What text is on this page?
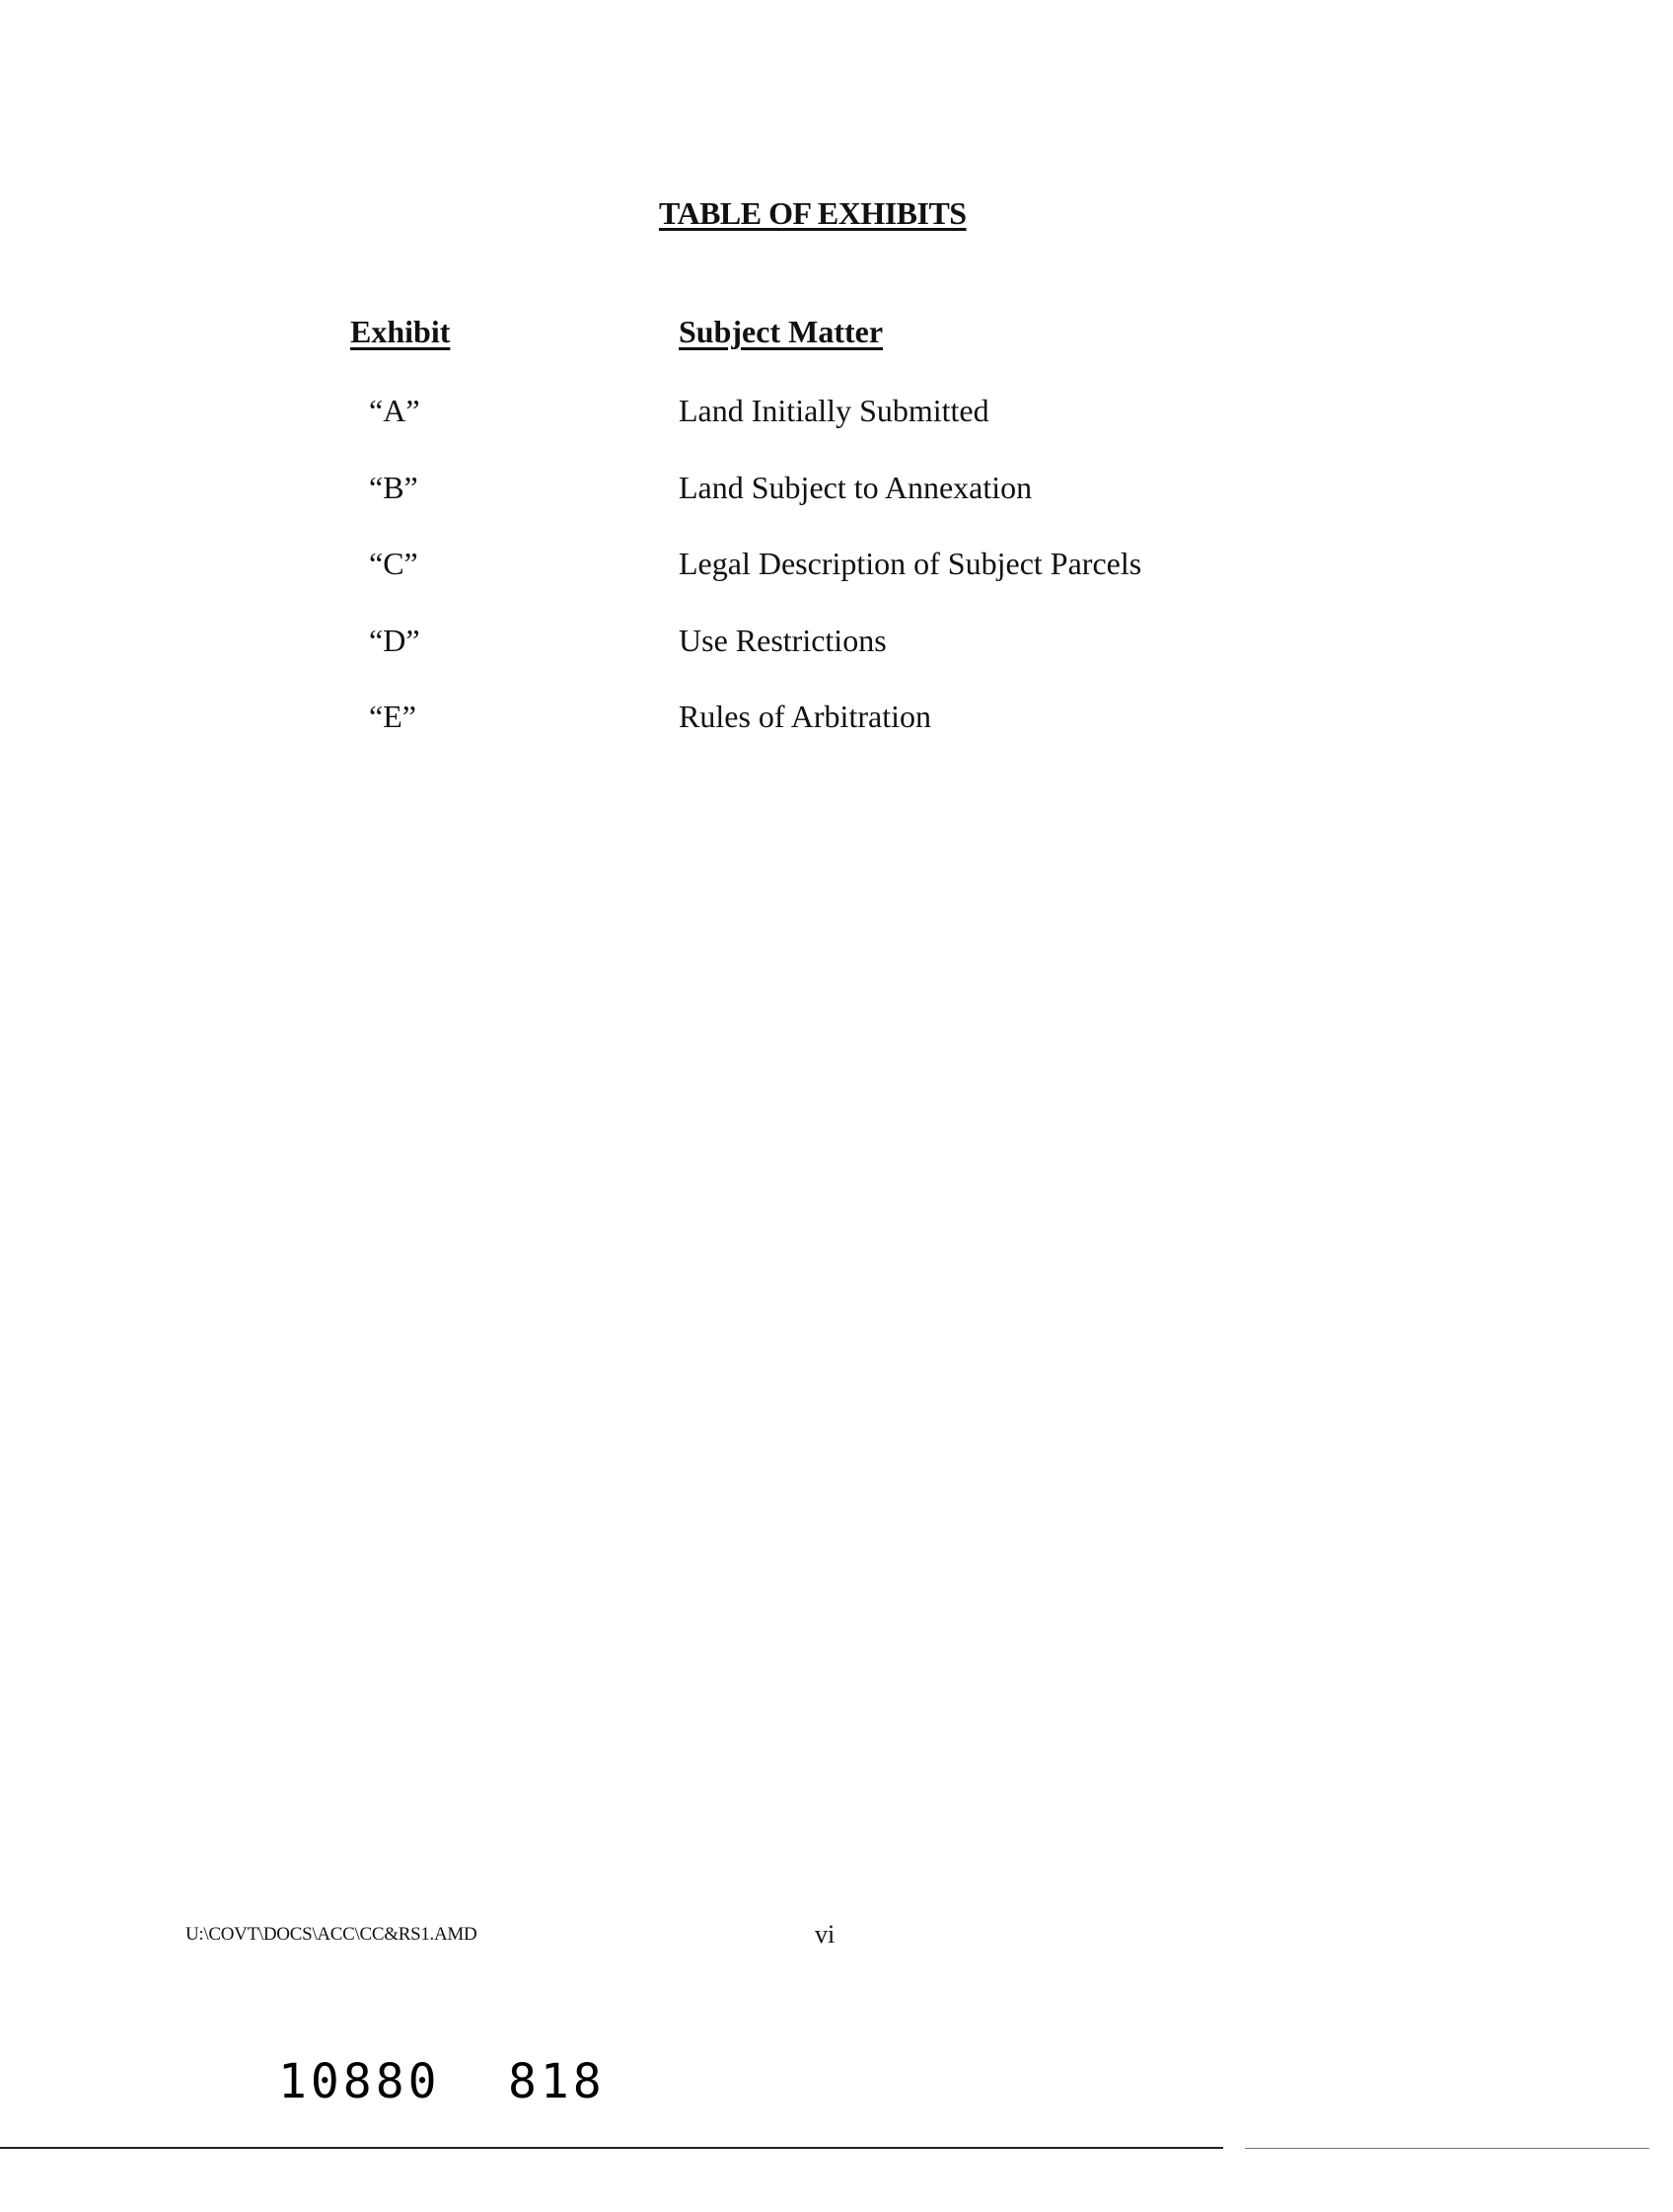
TABLE OF EXHIBITS
Exhibit	Subject Matter
“A”	Land Initially Submitted
“B”	Land Subject to Annexation
“C”	Legal Description of Subject Parcels
“D”	Use Restrictions
“E”	Rules of Arbitration
U:\COVT\DOCS\ACC\CC&RS1.AMD	vi
10880 818
